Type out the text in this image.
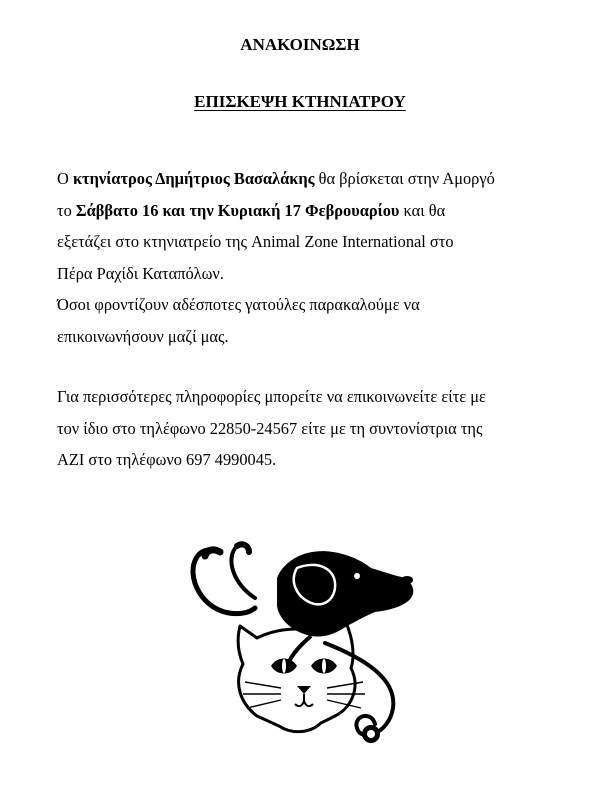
ΑΝΑΚΟΙΝΩΣΗ
ΕΠΙΣΚΕΨΗ ΚΤΗΝΙΑΤΡΟΥ

Ο κτηνίατρος Δημήτριος Βασαλάκης θα βρίσκεται στην Αμοργό
το Σάββατο 16 και την Κυριακή 17 Φεβρουαρίου και θα
εξετάζει στο κτηνιατρείο της Animal Zone International στο
Πέρα Ραχίδι Καταπόλων.
Όσοι φροντίζουν αδέσποτες γατούλες παρακαλούμε να
επικοινωνήσουν μαζί μας.

Για περισσότερες πληροφορίες μπορείτε να επικοινωνείτε είτε με
τον ίδιο στο τηλέφωνο 22850-24567 είτε με τη συντονίστρια της
ΑΖΙ στο τηλέφωνο 697 4990045.
